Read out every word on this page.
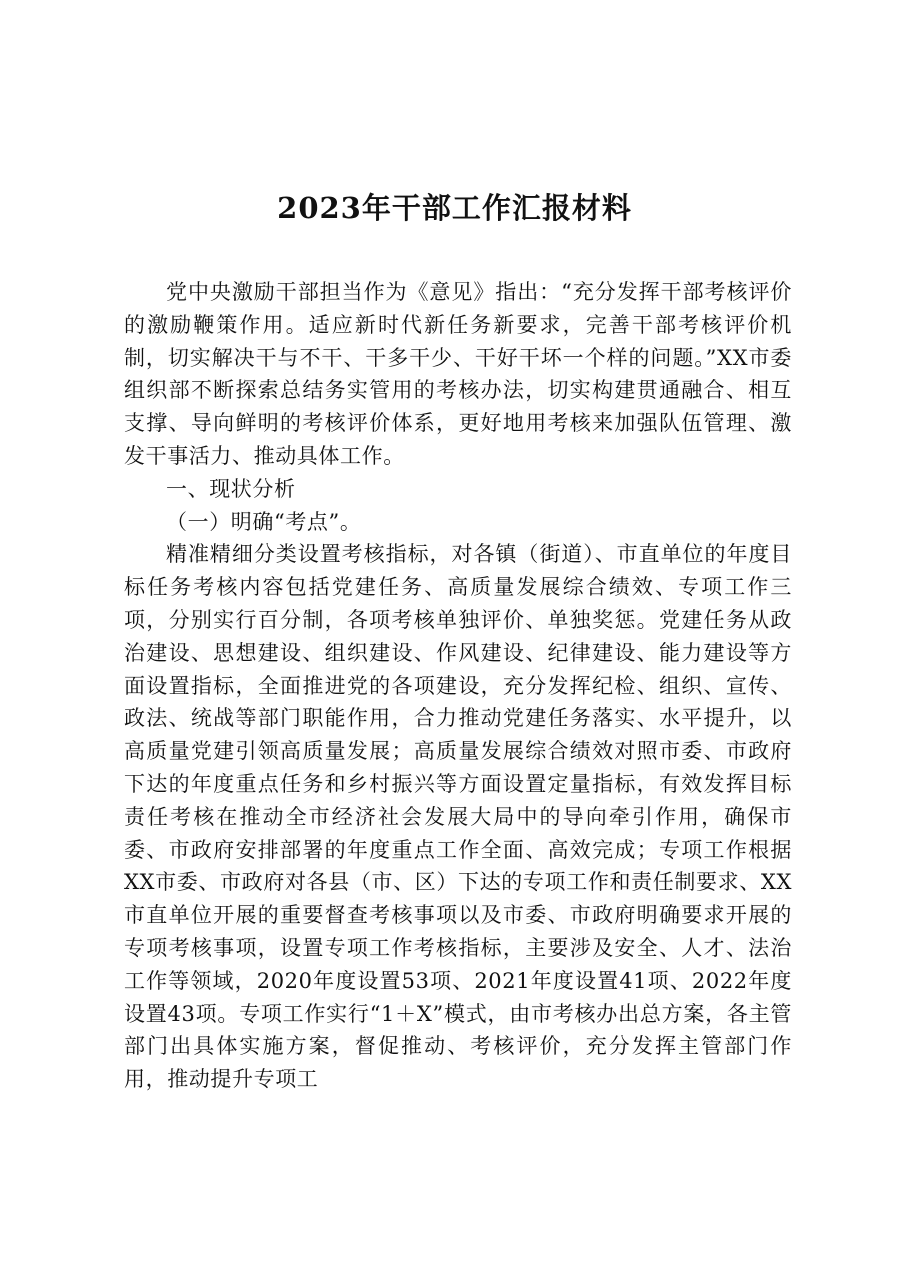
2023年干部工作汇报材料

党中央激励干部担当作为《意见》指出：“充分发挥干部考核评价的激励鞭策作用。适应新时代新任务新要求，完善干部考核评价机制，切实解决干与不干、干多干少、干好干坏一个样的问题。”XX市委组织部不断探索总结务实管用的考核办法，切实构建贯通融合、相互支撑、导向鲜明的考核评价体系，更好地用考核来加强队伍管理、激发干事活力、推动具体工作。

一、现状分析

（一）明确“考点”。

精准精细分类设置考核指标，对各镇（街道）、市直单位的年度目标任务考核内容包括党建任务、高质量发展综合绩效、专项工作三项，分别实行百分制，各项考核单独评价、单独奖惩。党建任务从政治建设、思想建设、组织建设、作风建设、纪律建设、能力建设等方面设置指标，全面推进党的各项建设，充分发挥纪检、组织、宣传、政法、统战等部门职能作用，合力推动党建任务落实、水平提升，以高质量党建引领高质量发展；高质量发展综合绩效对照市委、市政府下达的年度重点任务和乡村振兴等方面设置定量指标，有效发挥目标责任考核在推动全市经济社会发展大局中的导向牵引作用，确保市委、市政府安排部署的年度重点工作全面、高效完成；专项工作根据XX市委、市政府对各县（市、区）下达的专项工作和责任制要求、XX市直单位开展的重要督查考核事项以及市委、市政府明确要求开展的专项考核事项，设置专项工作考核指标，主要涉及安全、人才、法治工作等领域，2020年度设置53项、2021年度设置41项、2022年度设置43项。专项工作实行“1＋X”模式，由市考核办出总方案，各主管部门出具体实施方案，督促推动、考核评价，充分发挥主管部门作用，推动提升专项工
